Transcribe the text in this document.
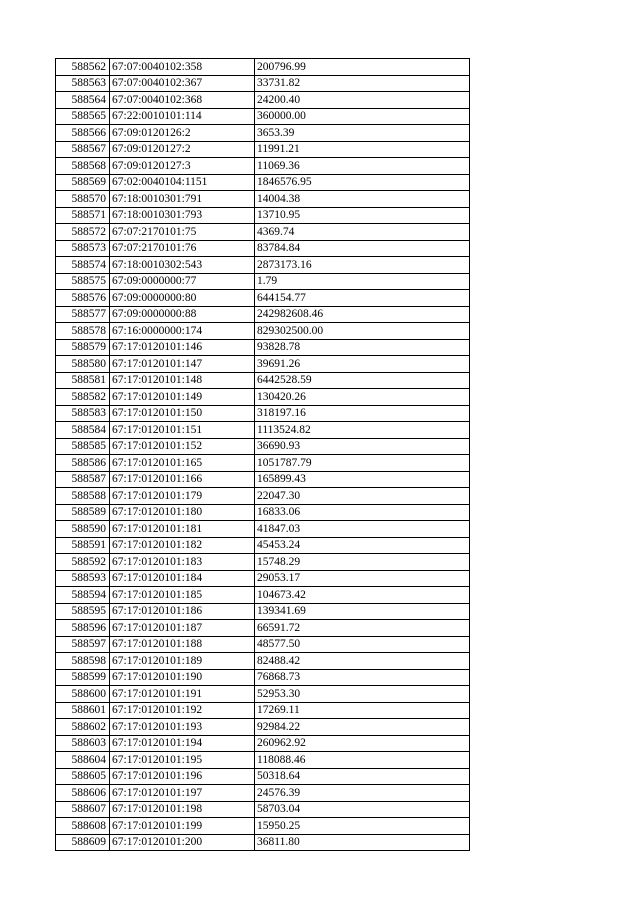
588562	67:07:0040102:358	200796.99
588563	67:07:0040102:367	33731.82
588564	67:07:0040102:368	24200.40
588565	67:22:0010101:114	360000.00
588566	67:09:0120126:2	3653.39
588567	67:09:0120127:2	11991.21
588568	67:09:0120127:3	11069.36
588569	67:02:0040104:1151	1846576.95
588570	67:18:0010301:791	14004.38
588571	67:18:0010301:793	13710.95
588572	67:07:2170101:75	4369.74
588573	67:07:2170101:76	83784.84
588574	67:18:0010302:543	2873173.16
588575	67:09:0000000:77	1.79
588576	67:09:0000000:80	644154.77
588577	67:09:0000000:88	242982608.46
588578	67:16:0000000:174	829302500.00
588579	67:17:0120101:146	93828.78
588580	67:17:0120101:147	39691.26
588581	67:17:0120101:148	6442528.59
588582	67:17:0120101:149	130420.26
588583	67:17:0120101:150	318197.16
588584	67:17:0120101:151	1113524.82
588585	67:17:0120101:152	36690.93
588586	67:17:0120101:165	1051787.79
588587	67:17:0120101:166	165899.43
588588	67:17:0120101:179	22047.30
588589	67:17:0120101:180	16833.06
588590	67:17:0120101:181	41847.03
588591	67:17:0120101:182	45453.24
588592	67:17:0120101:183	15748.29
588593	67:17:0120101:184	29053.17
588594	67:17:0120101:185	104673.42
588595	67:17:0120101:186	139341.69
588596	67:17:0120101:187	66591.72
588597	67:17:0120101:188	48577.50
588598	67:17:0120101:189	82488.42
588599	67:17:0120101:190	76868.73
588600	67:17:0120101:191	52953.30
588601	67:17:0120101:192	17269.11
588602	67:17:0120101:193	92984.22
588603	67:17:0120101:194	260962.92
588604	67:17:0120101:195	118088.46
588605	67:17:0120101:196	50318.64
588606	67:17:0120101:197	24576.39
588607	67:17:0120101:198	58703.04
588608	67:17:0120101:199	15950.25
588609	67:17:0120101:200	36811.80
